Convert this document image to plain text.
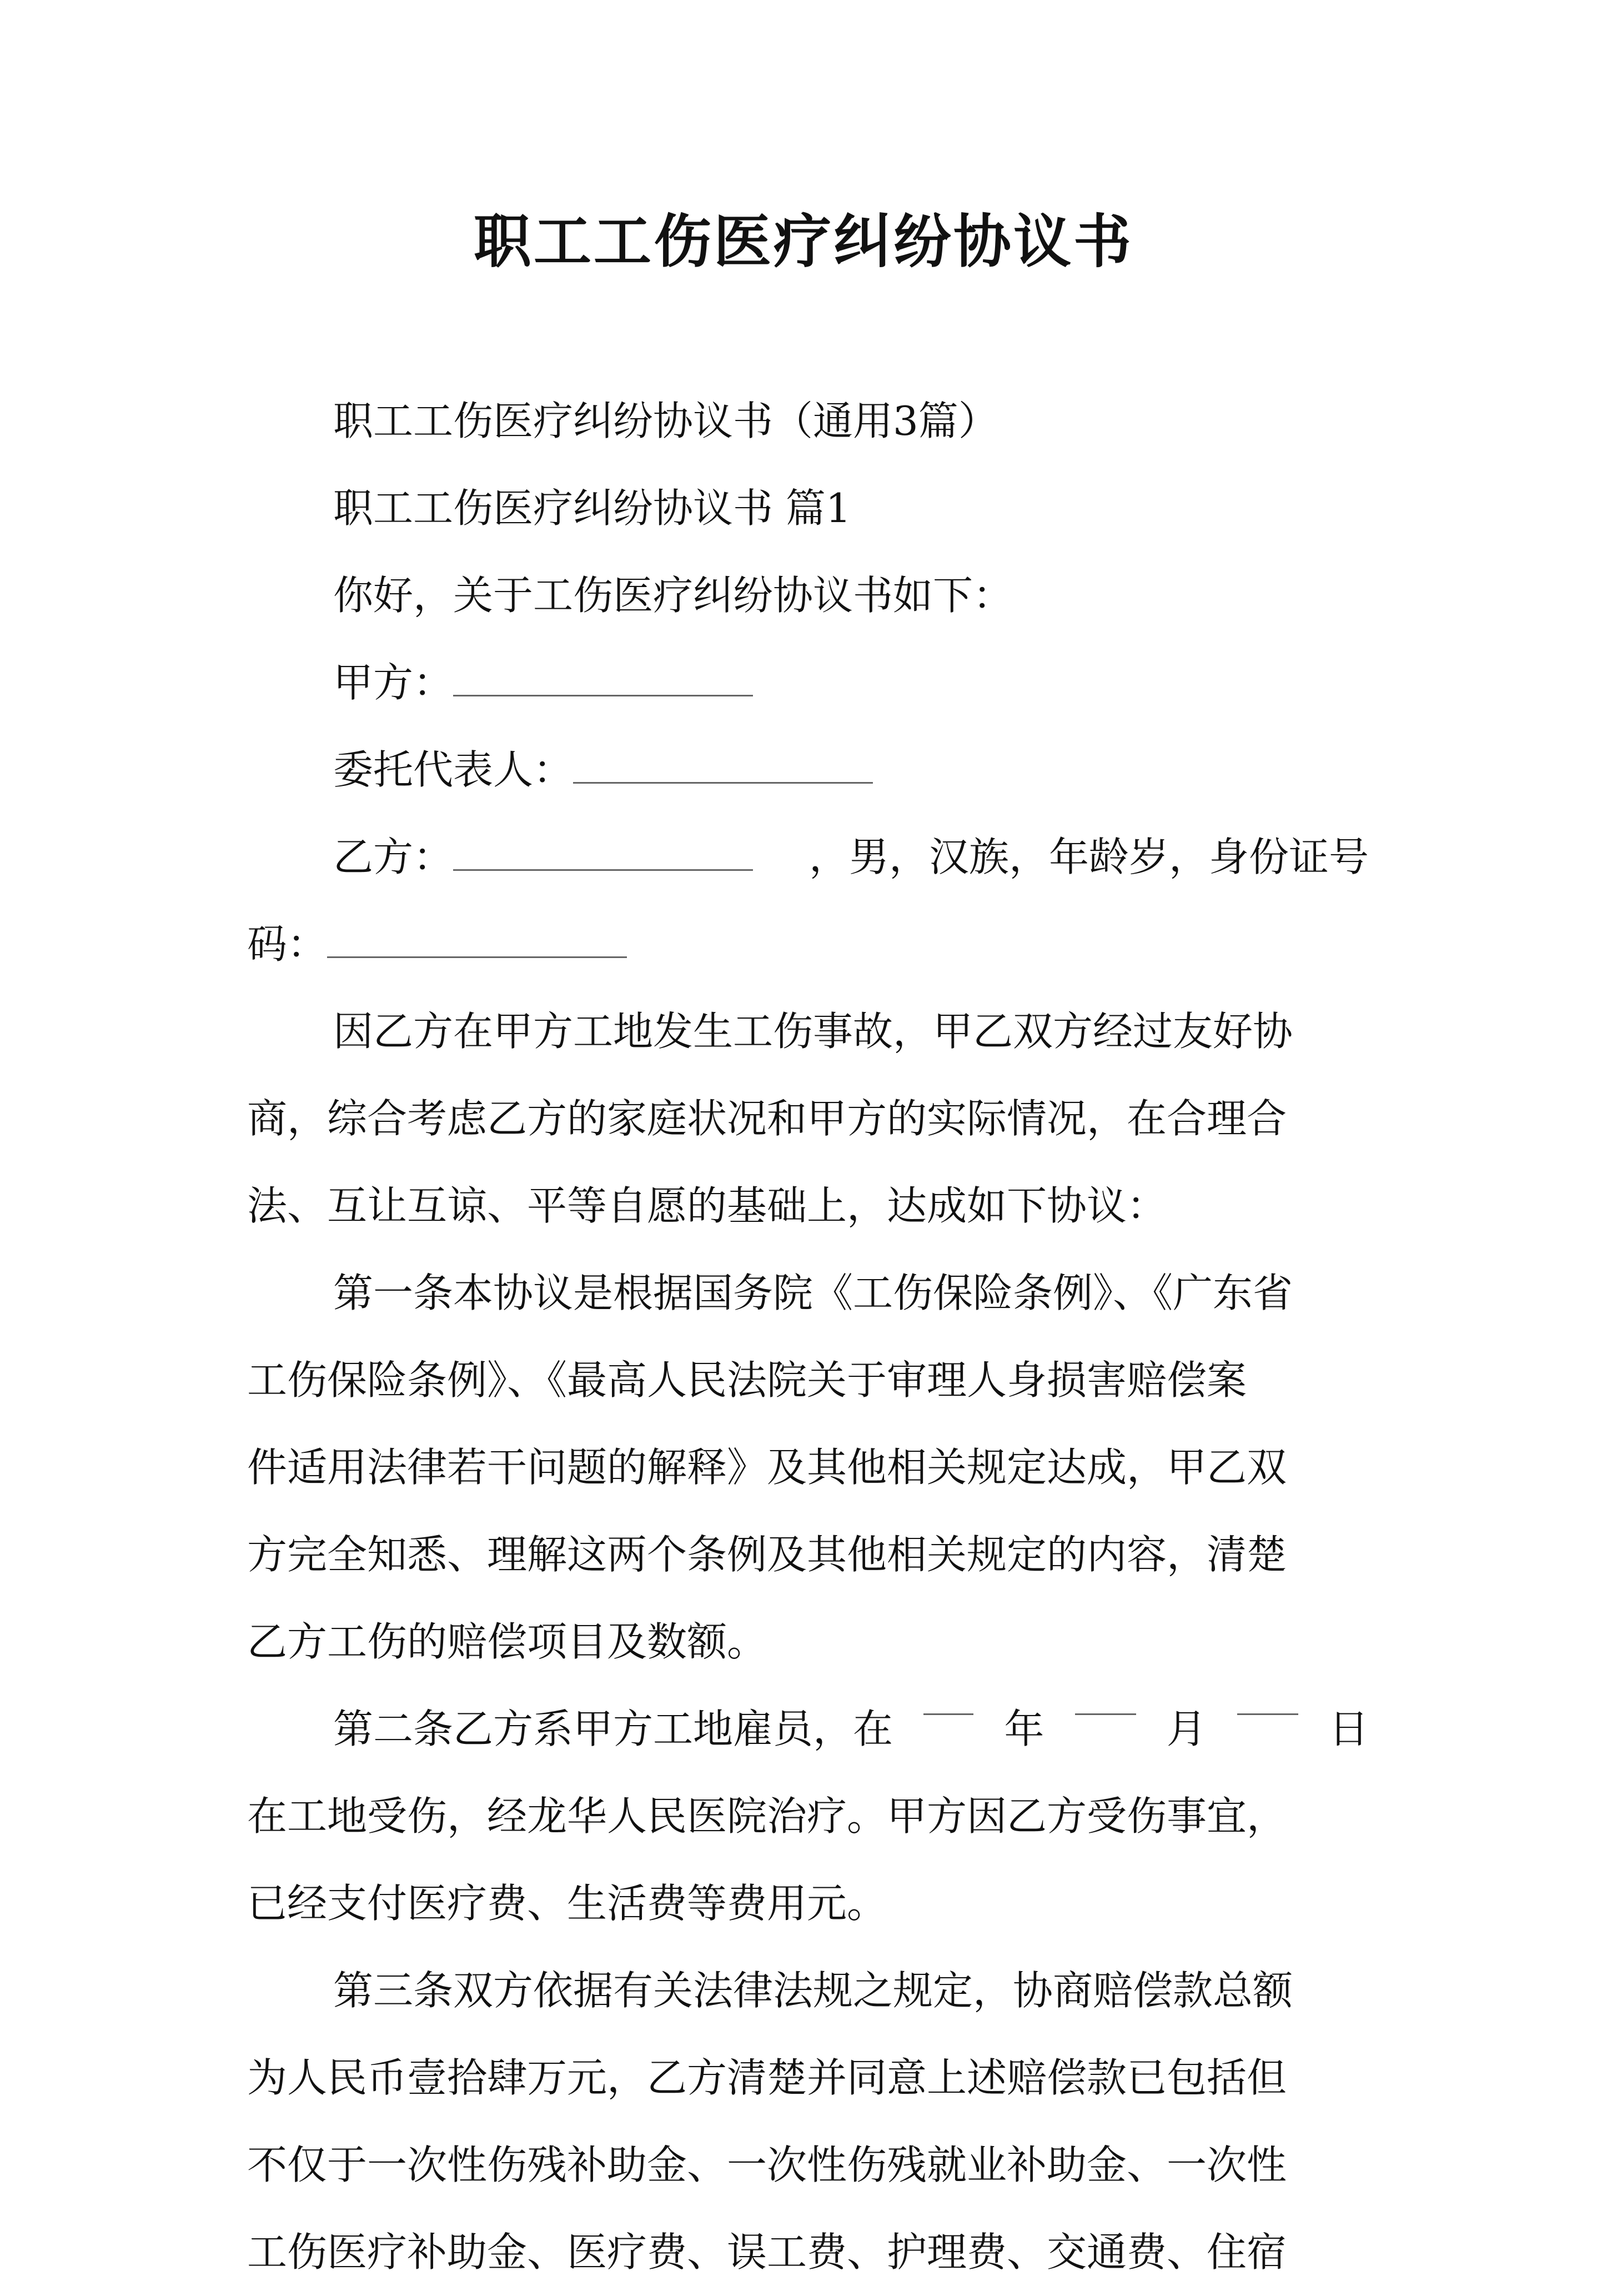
职工工伤医疗纠纷协议书
职工工伤医疗纠纷协议书（通用3篇）
职工工伤医疗纠纷协议书 篇1
你好，关于工伤医疗纠纷协议书如下：
甲方：
委托代表人：
乙方：	，男，汉族，年龄岁，身份证号
码：
因乙方在甲方工地发生工伤事故，甲乙双方经过友好协
商，综合考虑乙方的家庭状况和甲方的实际情况，在合理合
法、互让互谅、平等自愿的基础上，达成如下协议：
第一条本协议是根据国务院《工伤保险条例》、《广东省
工伤保险条例》、《最高人民法院关于审理人身损害赔偿案
件适用法律若干问题的解释》及其他相关规定达成，甲乙双
方完全知悉、理解这两个条例及其他相关规定的内容，清楚
乙方工伤的赔偿项目及数额。
第二条乙方系甲方工地雇员，在	年	月	日
在工地受伤，经龙华人民医院治疗。甲方因乙方受伤事宜，
已经支付医疗费、生活费等费用元。
第三条双方依据有关法律法规之规定，协商赔偿款总额
为人民币壹拾肆万元，乙方清楚并同意上述赔偿款已包括但
不仅于一次性伤残补助金、一次性伤残就业补助金、一次性
工伤医疗补助金、医疗费、误工费、护理费、交通费、住宿
